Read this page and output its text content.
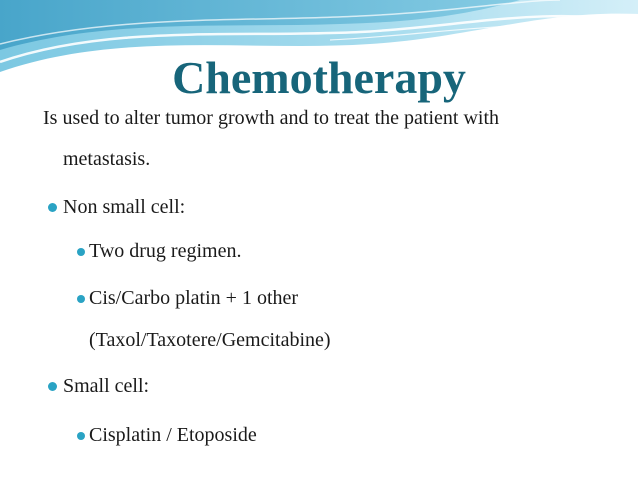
Chemotherapy
Is used to alter tumor growth and to treat the patient with
metastasis.
Non small cell:
Two drug regimen.
Cis/Carbo platin + 1 other
(Taxol/Taxotere/Gemcitabine)
Small cell:
Cisplatin / Etoposide
